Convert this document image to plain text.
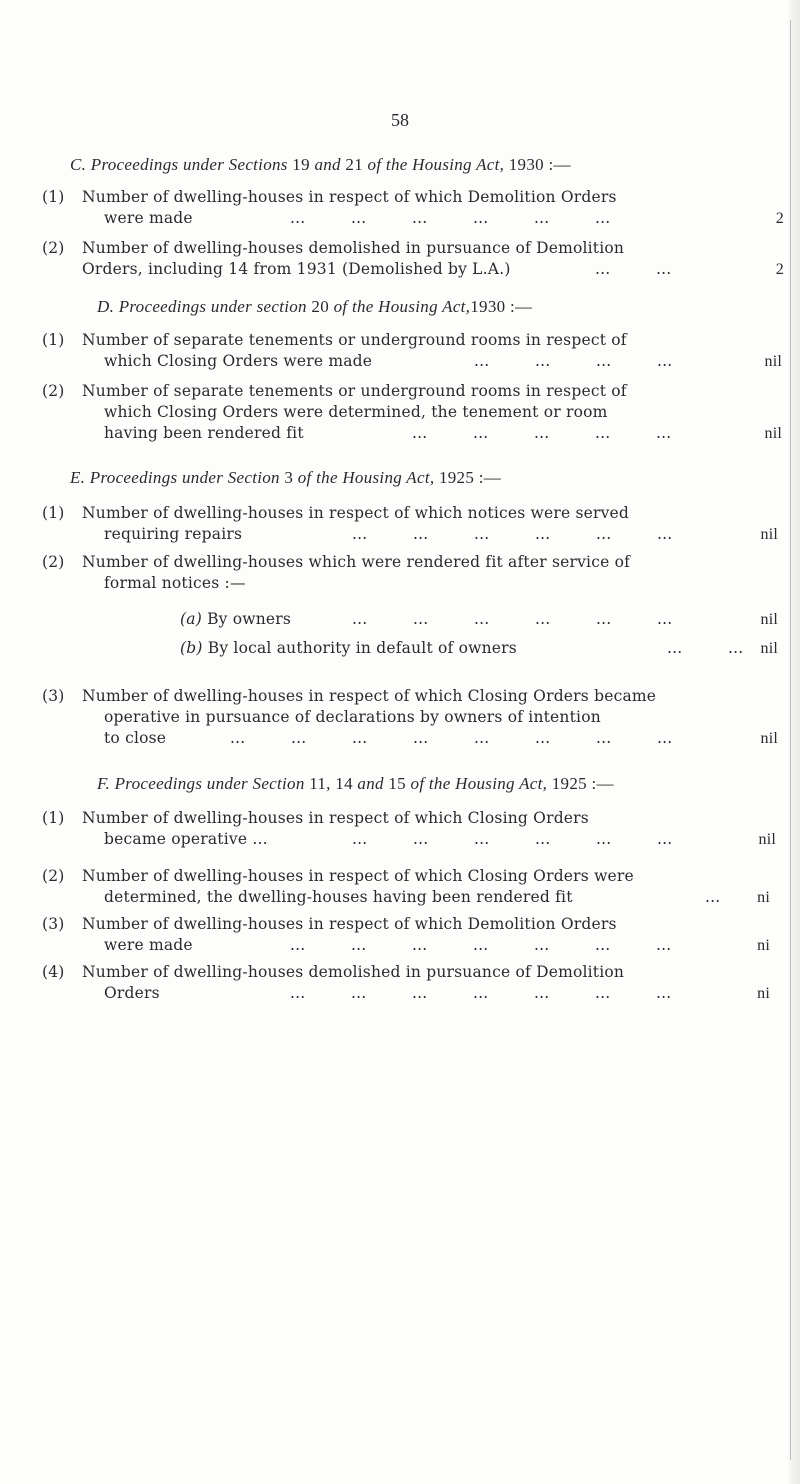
58
C. Proceedings under Sections 19 and 21 of the Housing Act, 1930 :—
(1) Number of dwelling-houses in respect of which Demolition Orders
were made	...	...	...	...	...	...	2
(2) Number of dwelling-houses demolished in pursuance of Demolition
Orders, including 14 from 1931 (Demolished by L.A.)	...	...	2
D. Proceedings under section 20 of the Housing Act,1930 :—
(1) Number of separate tenements or underground rooms in respect of
which Closing Orders were made	...	...	...	...	nil
(2) Number of separate tenements or underground rooms in respect of
which Closing Orders were determined, the tenement or room
having been rendered fit	...	...	...	...	...	nil
E. Proceedings under Section 3 of the Housing Act, 1925 :—
(1) Number of dwelling-houses in respect of which notices were served
requiring repairs	...	...	...	...	...	...	nil
(2) Number of dwelling-houses which were rendered fit after service of
formal notices :—
(a) By owners	...	...	...	...	...	...	nil
(b) By local authority in default of owners	...	...	nil
(3) Number of dwelling-houses in respect of which Closing Orders became
operative in pursuance of declarations by owners of intention
to close	...	...	...	...	...	...	...	...	nil
F. Proceedings under Section 11, 14 and 15 of the Housing Act, 1925 :—
(1) Number of dwelling-houses in respect of which Closing Orders
became operative ...	...	...	...	...	...	...	nil
(2) Number of dwelling-houses in respect of which Closing Orders were
determined, the dwelling-houses having been rendered fit	...	ni
(3) Number of dwelling-houses in respect of which Demolition Orders
were made	...	...	...	...	...	...	...	ni
(4) Number of dwelling-houses demolished in pursuance of Demolition
Orders	...	...	...	...	...	...	...	ni
